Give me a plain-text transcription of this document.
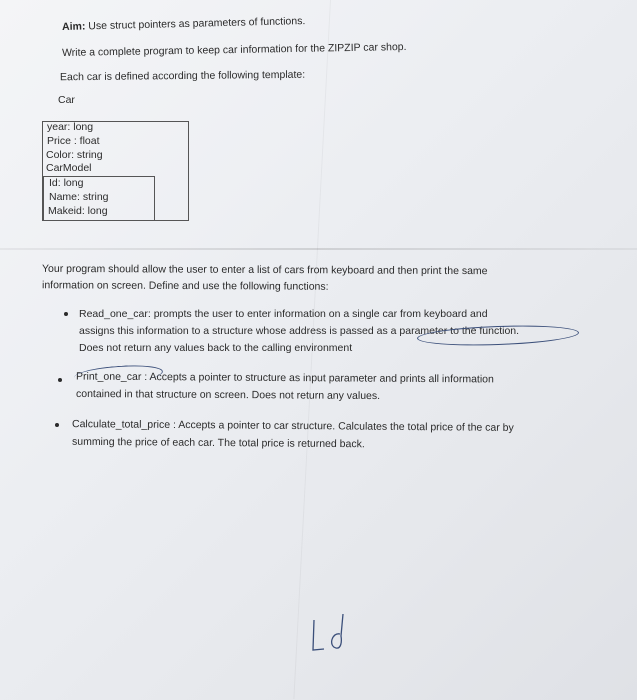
Aim: Use struct pointers as parameters of functions.
Write a complete program to keep car information for the ZIPZIP car shop.
Each car is defined according the following template:
Car
year: long
Price : float
Color: string
CarModel
Id: long
Name: string
Makeid: long
Your program should allow the user to enter a list of cars from keyboard and then print the same
information on screen. Define and use the following functions:
Read_one_car: prompts the user to enter information on a single car from keyboard and
assigns this information to a structure whose address is passed as a parameter to the function.
Does not return any values back to the calling environment
Print_one_car : Accepts a pointer to structure as input parameter and prints all information
contained in that structure on screen. Does not return any values.
Calculate_total_price : Accepts a pointer to car structure. Calculates the total price of the car by
summing the price of each car. The total price is returned back.
